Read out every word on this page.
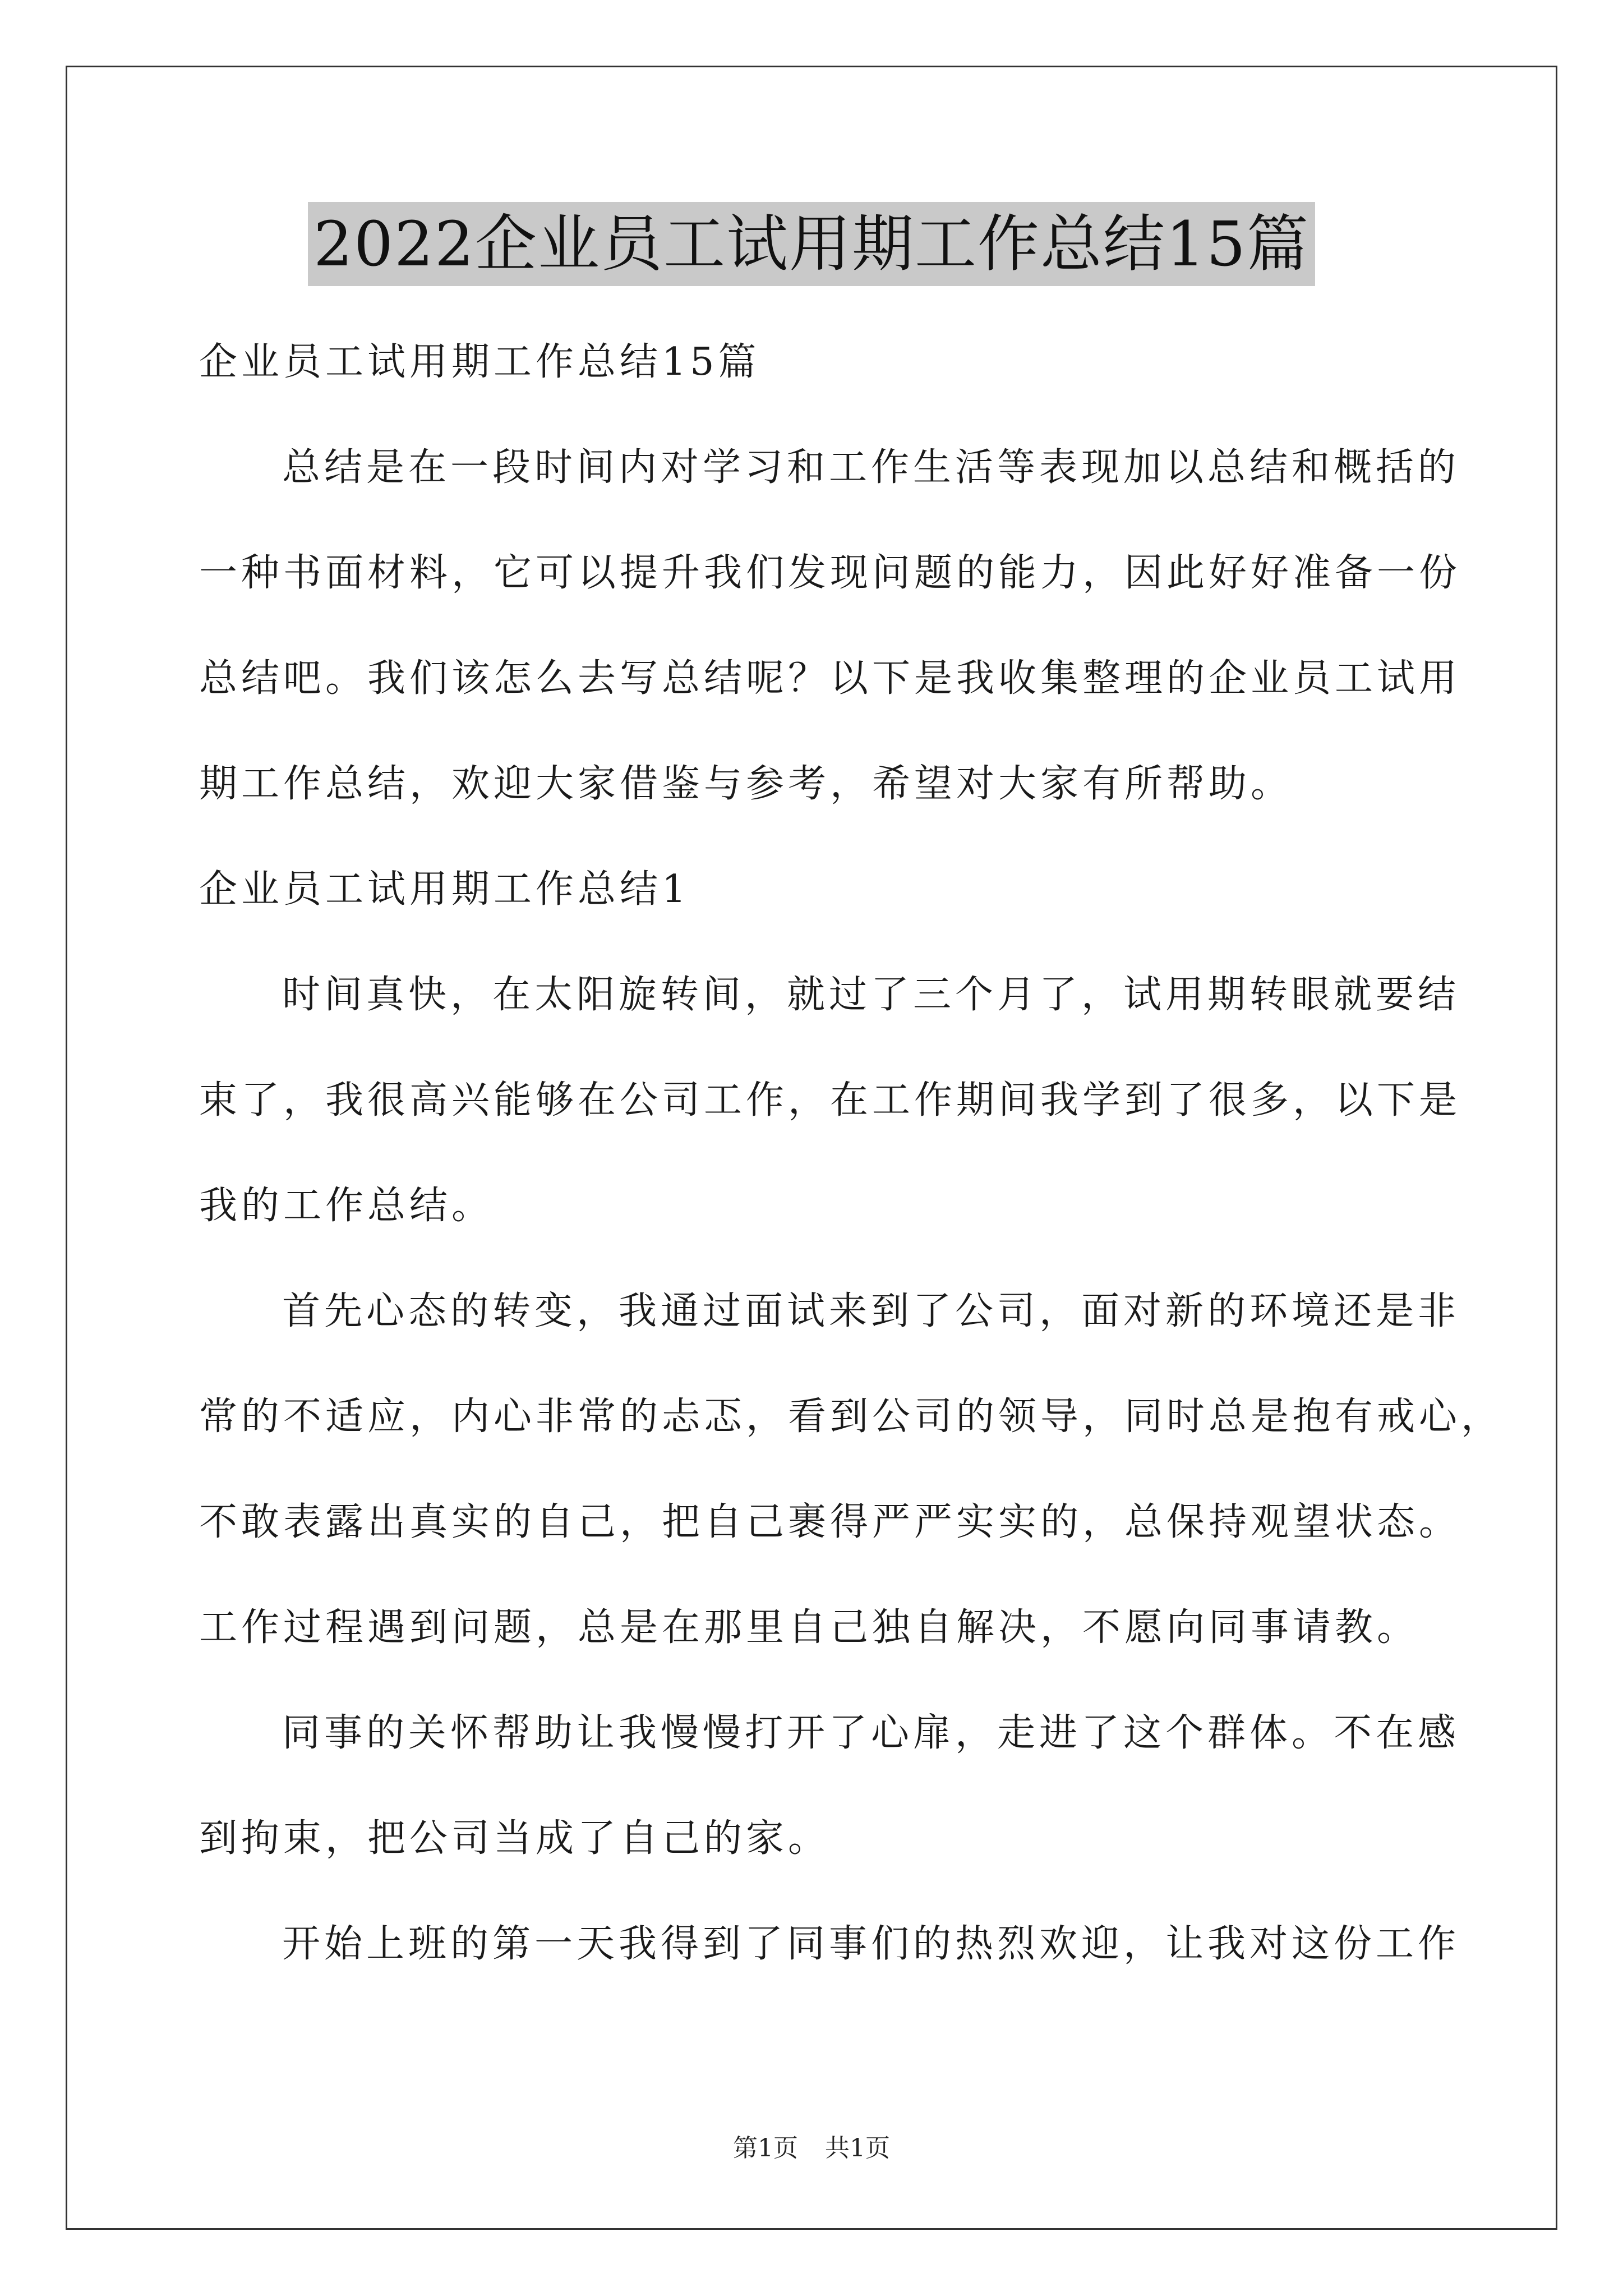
2022企业员工试用期工作总结15篇
企业员工试用期工作总结15篇
总结是在一段时间内对学习和工作生活等表现加以总结和概括的
一种书面材料，它可以提升我们发现问题的能力，因此好好准备一份
总结吧。我们该怎么去写总结呢？以下是我收集整理的企业员工试用
期工作总结，欢迎大家借鉴与参考，希望对大家有所帮助。
企业员工试用期工作总结1
时间真快，在太阳旋转间，就过了三个月了，试用期转眼就要结
束了，我很高兴能够在公司工作，在工作期间我学到了很多，以下是
我的工作总结。
首先心态的转变，我通过面试来到了公司，面对新的环境还是非
常的不适应，内心非常的忐忑，看到公司的领导，同时总是抱有戒心，
不敢表露出真实的自己，把自己裹得严严实实的，总保持观望状态。
工作过程遇到问题，总是在那里自己独自解决，不愿向同事请教。
同事的关怀帮助让我慢慢打开了心扉，走进了这个群体。不在感
到拘束，把公司当成了自己的家。
开始上班的第一天我得到了同事们的热烈欢迎，让我对这份工作
第1页 共1页
